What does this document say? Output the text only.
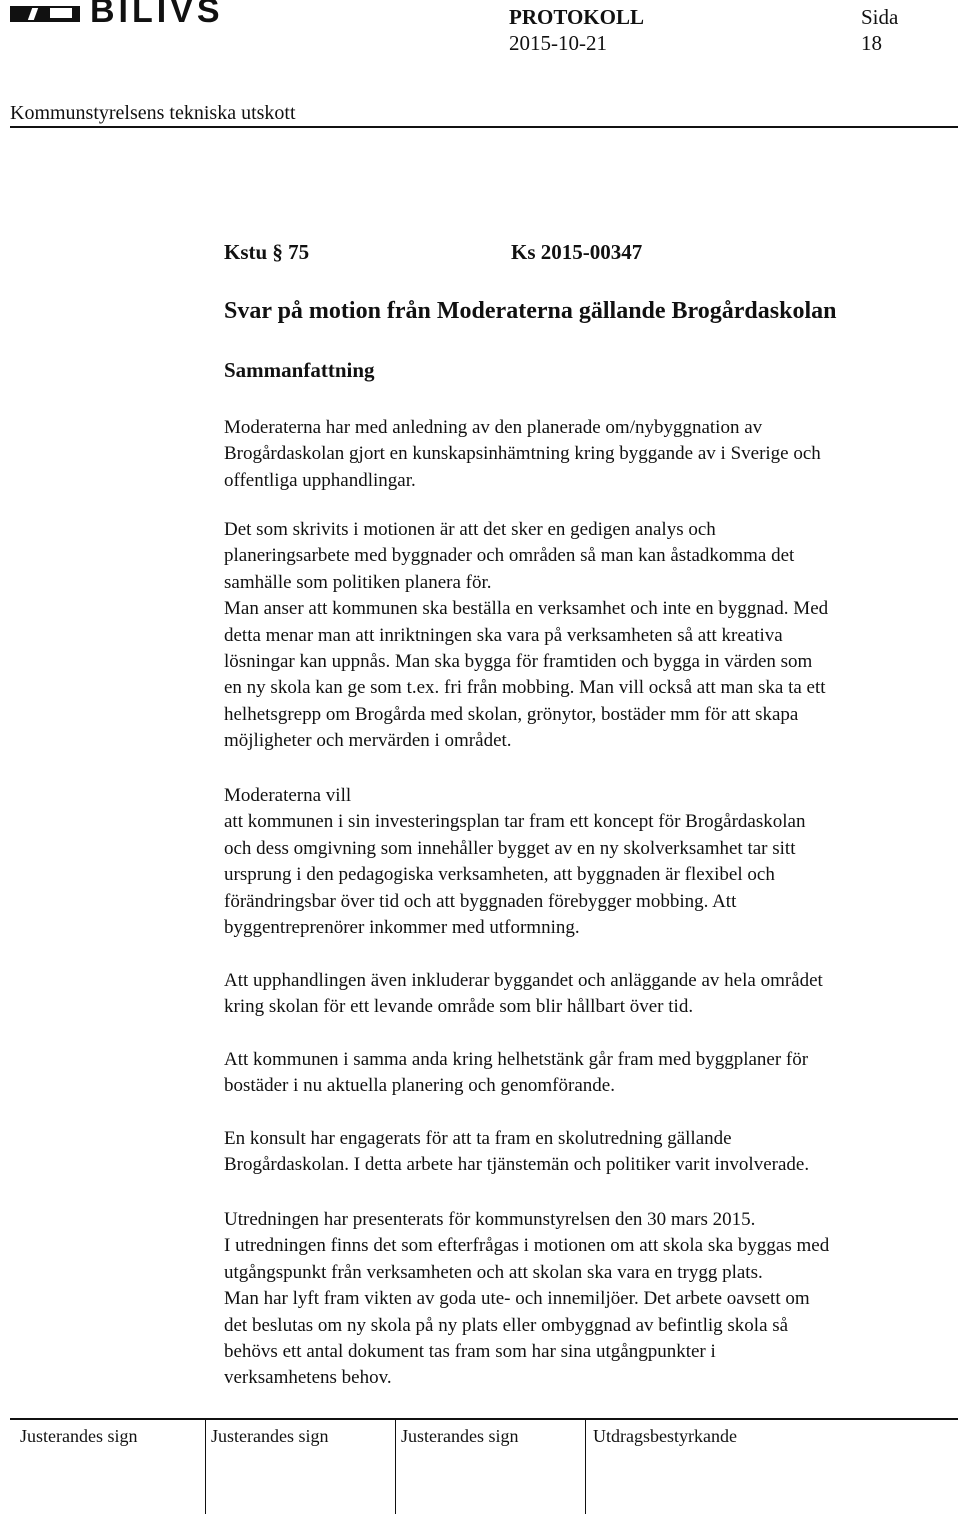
BILIVS	PROTOKOLL	Sida
2015-10-21	18
Kommunstyrelsens tekniska utskott
Kstu § 75	Ks 2015-00347
Svar på motion från Moderaterna gällande Brogårdaskolan
Sammanfattning

Moderaterna har med anledning av den planerade om/nybyggnation av
Brogårdaskolan gjort en kunskapsinhämtning kring byggande av i Sverige och
offentliga upphandlingar.

Det som skrivits i motionen är att det sker en gedigen analys och
planeringsarbete med byggnader och områden så man kan åstadkomma det
samhälle som politiken planera för.
Man anser att kommunen ska beställa en verksamhet och inte en byggnad. Med
detta menar man att inriktningen ska vara på verksamheten så att kreativa
lösningar kan uppnås. Man ska bygga för framtiden och bygga in värden som
en ny skola kan ge som t.ex. fri från mobbing. Man vill också att man ska ta ett
helhetsgrepp om Brogårda med skolan, grönytor, bostäder mm för att skapa
möjligheter och mervärden i området.

Moderaterna vill
att kommunen i sin investeringsplan tar fram ett koncept för Brogårdaskolan
och dess omgivning som innehåller bygget av en ny skolverksamhet tar sitt
ursprung i den pedagogiska verksamheten, att byggnaden är flexibel och
förändringsbar över tid och att byggnaden förebygger mobbing. Att
byggentreprenörer inkommer med utformning.

Att upphandlingen även inkluderar byggandet och anläggande av hela området
kring skolan för ett levande område som blir hållbart över tid.

Att kommunen i samma anda kring helhetstänk går fram med byggplaner för
bostäder i nu aktuella planering och genomförande.

En konsult har engagerats för att ta fram en skolutredning gällande
Brogårdaskolan. I detta arbete har tjänstemän och politiker varit involverade.

Utredningen har presenterats för kommunstyrelsen den 30 mars 2015.
I utredningen finns det som efterfrågas i motionen om att skola ska byggas med
utgångspunkt från verksamheten och att skolan ska vara en trygg plats.
Man har lyft fram vikten av goda ute- och innemiljöer. Det arbete oavsett om
det beslutas om ny skola på ny plats eller ombyggnad av befintlig skola så
behövs ett antal dokument tas fram som har sina utgångpunkter i
verksamhetens behov.

Justerandes sign	Justerandes sign	Justerandes sign	Utdragsbestyrkande
